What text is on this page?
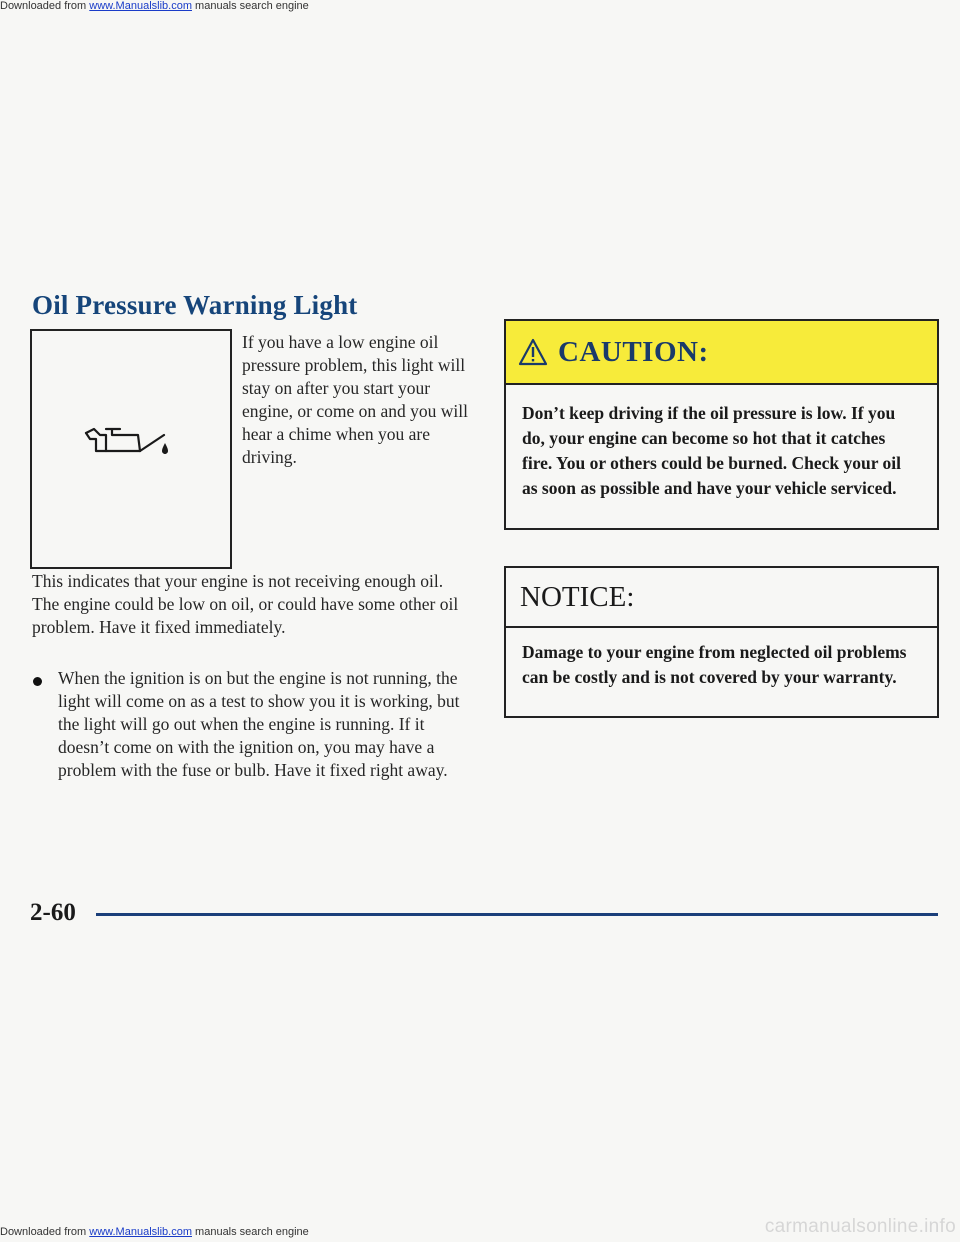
Downloaded from www.Manualslib.com manuals search engine
Oil Pressure Warning Light

If you have a low engine oil pressure problem, this light will stay on after you start your engine, or come on and you will hear a chime when you are driving.

This indicates that your engine is not receiving enough oil. The engine could be low on oil, or could have some other oil problem. Have it fixed immediately.

When the ignition is on but the engine is not running, the light will come on as a test to show you it is working, but the light will go out when the engine is running. If it doesn’t come on with the ignition on, you may have a problem with the fuse or bulb. Have it fixed right away.

CAUTION:

Don’t keep driving if the oil pressure is low. If you do, your engine can become so hot that it catches fire. You or others could be burned. Check your oil as soon as possible and have your vehicle serviced.

NOTICE:

Damage to your engine from neglected oil problems can be costly and is not covered by your warranty.

2-60
Downloaded from www.Manualslib.com manuals search engine	carmanualsonline.info
